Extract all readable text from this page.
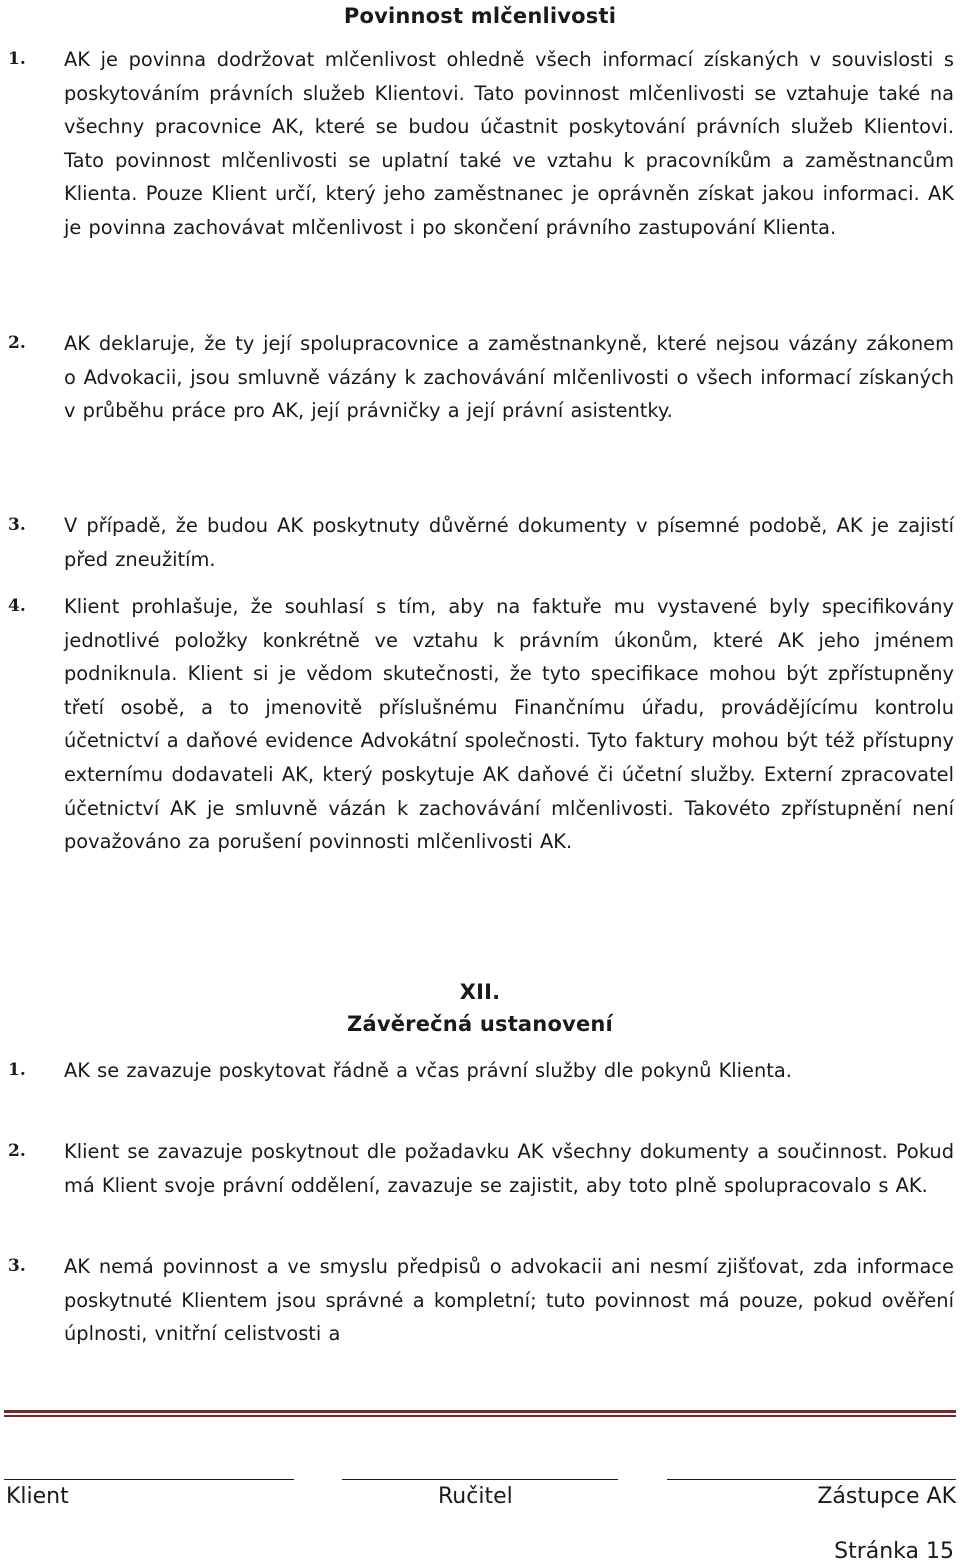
Povinnost mlčenlivosti
1. AK je povinna dodržovat mlčenlivost ohledně všech informací získaných v souvislosti s poskytováním právních služeb Klientovi. Tato povinnost mlčenlivosti se vztahuje také na všechny pracovnice AK, které se budou účastnit poskytování právních služeb Klientovi. Tato povinnost mlčenlivosti se uplatní také ve vztahu k pracovníkům a zaměstnancům Klienta. Pouze Klient určí, který jeho zaměstnanec je oprávněn získat jakou informaci. AK je povinna zachovávat mlčenlivost i po skončení právního zastupování Klienta.
2. AK deklaruje, že ty její spolupracovnice a zaměstnankyně, které nejsou vázány zákonem o Advokacii, jsou smluvně vázány k zachovávání mlčenlivosti o všech informací získaných v průběhu práce pro AK, její právničky a její právní asistentky.
3. V případě, že budou AK poskytnuty důvěrné dokumenty v písemné podobě, AK je zajistí před zneužitím.
4. Klient prohlašuje, že souhlasí s tím, aby na faktuře mu vystavené byly specifikovány jednotlivé položky konkrétně ve vztahu k právním úkonům, které AK jeho jménem podniknula. Klient si je vědom skutečnosti, že tyto specifikace mohou být zpřístupněny třetí osobě, a to jmenovitě příslušnému Finančnímu úřadu, provádějícímu kontrolu účetnictví a daňové evidence Advokátní společnosti. Tyto faktury mohou být též přístupny externímu dodavateli AK, který poskytuje AK daňové či účetní služby. Externí zpracovatel účetnictví AK je smluvně vázán k zachovávání mlčenlivosti. Takovéto zpřístupnění není považováno za porušení povinnosti mlčenlivosti AK.
XII.
Závěrečná ustanovení
1. AK se zavazuje poskytovat řádně a včas právní služby dle pokynů Klienta.
2. Klient se zavazuje poskytnout dle požadavku AK všechny dokumenty a součinnost. Pokud má Klient svoje právní oddělení, zavazuje se zajistit, aby toto plně spolupracovalo s AK.
3. AK nemá povinnost a ve smyslu předpisů o advokacii ani nesmí zjišťovat, zda informace poskytnuté Klientem jsou správné a kompletní; tuto povinnost má pouze, pokud ověření úplnosti, vnitřní celistvosti a
Klient	Ručitel	Zástupce AK
Stránka 15
